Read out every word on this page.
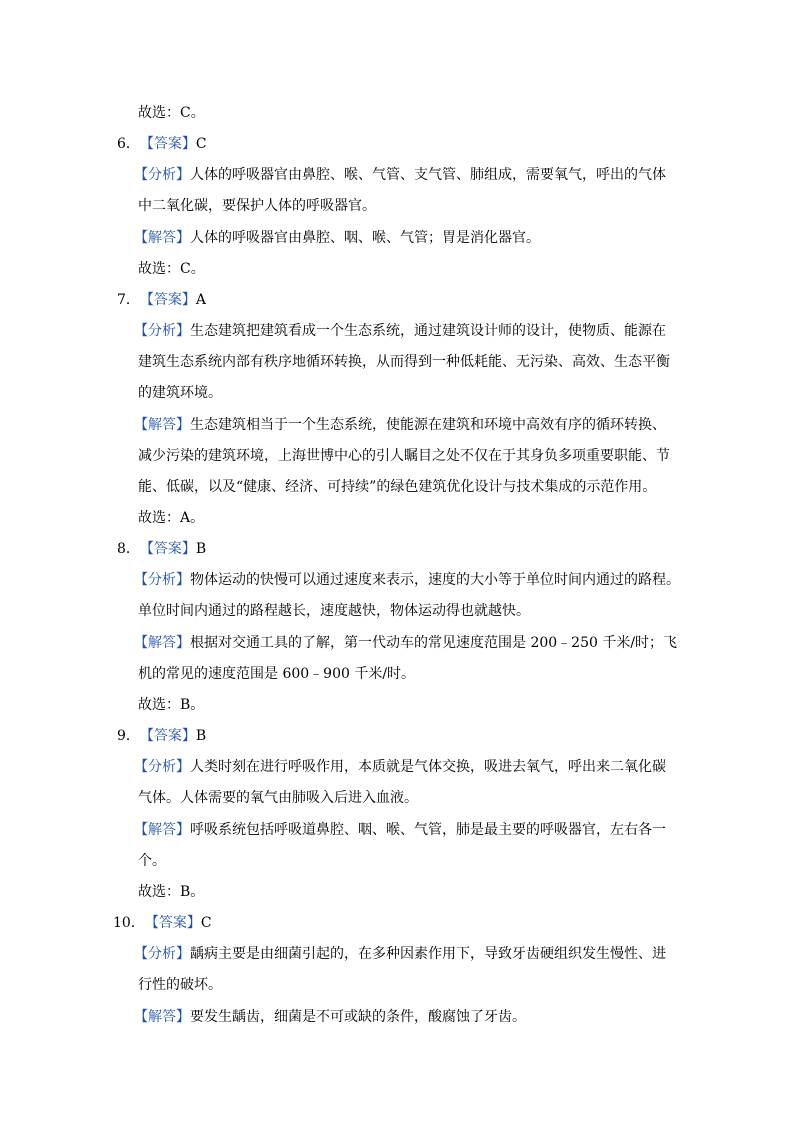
故选：C。
6．【答案】C
【分析】人体的呼吸器官由鼻腔、喉、气管、支气管、肺组成，需要氧气，呼出的气体
中二氧化碳，要保护人体的呼吸器官。
【解答】人体的呼吸器官由鼻腔、咽、喉、气管；胃是消化器官。
故选：C。
7．【答案】A
【分析】生态建筑把建筑看成一个生态系统，通过建筑设计师的设计，使物质、能源在
建筑生态系统内部有秩序地循环转换，从而得到一种低耗能、无污染、高效、生态平衡
的建筑环境。
【解答】生态建筑相当于一个生态系统，使能源在建筑和环境中高效有序的循环转换、
减少污染的建筑环境，上海世博中心的引人瞩目之处不仅在于其身负多项重要职能、节
能、低碳，以及“健康、经济、可持续”的绿色建筑优化设计与技术集成的示范作用。
故选：A。
8．【答案】B
【分析】物体运动的快慢可以通过速度来表示，速度的大小等于单位时间内通过的路程。
单位时间内通过的路程越长，速度越快，物体运动得也就越快。
【解答】根据对交通工具的了解，第一代动车的常见速度范围是 200﹣250 千米/时；飞
机的常见的速度范围是 600﹣900 千米/时。
故选：B。
9．【答案】B
【分析】人类时刻在进行呼吸作用，本质就是气体交换，吸进去氧气，呼出来二氧化碳
气体。人体需要的氧气由肺吸入后进入血液。
【解答】呼吸系统包括呼吸道鼻腔、咽、喉、气管，肺是最主要的呼吸器官，左右各一
个。
故选：B。
10．【答案】C
【分析】龋病主要是由细菌引起的，在多种因素作用下，导致牙齿硬组织发生慢性、进
行性的破坏。
【解答】要发生龋齿，细菌是不可或缺的条件，酸腐蚀了牙齿。
